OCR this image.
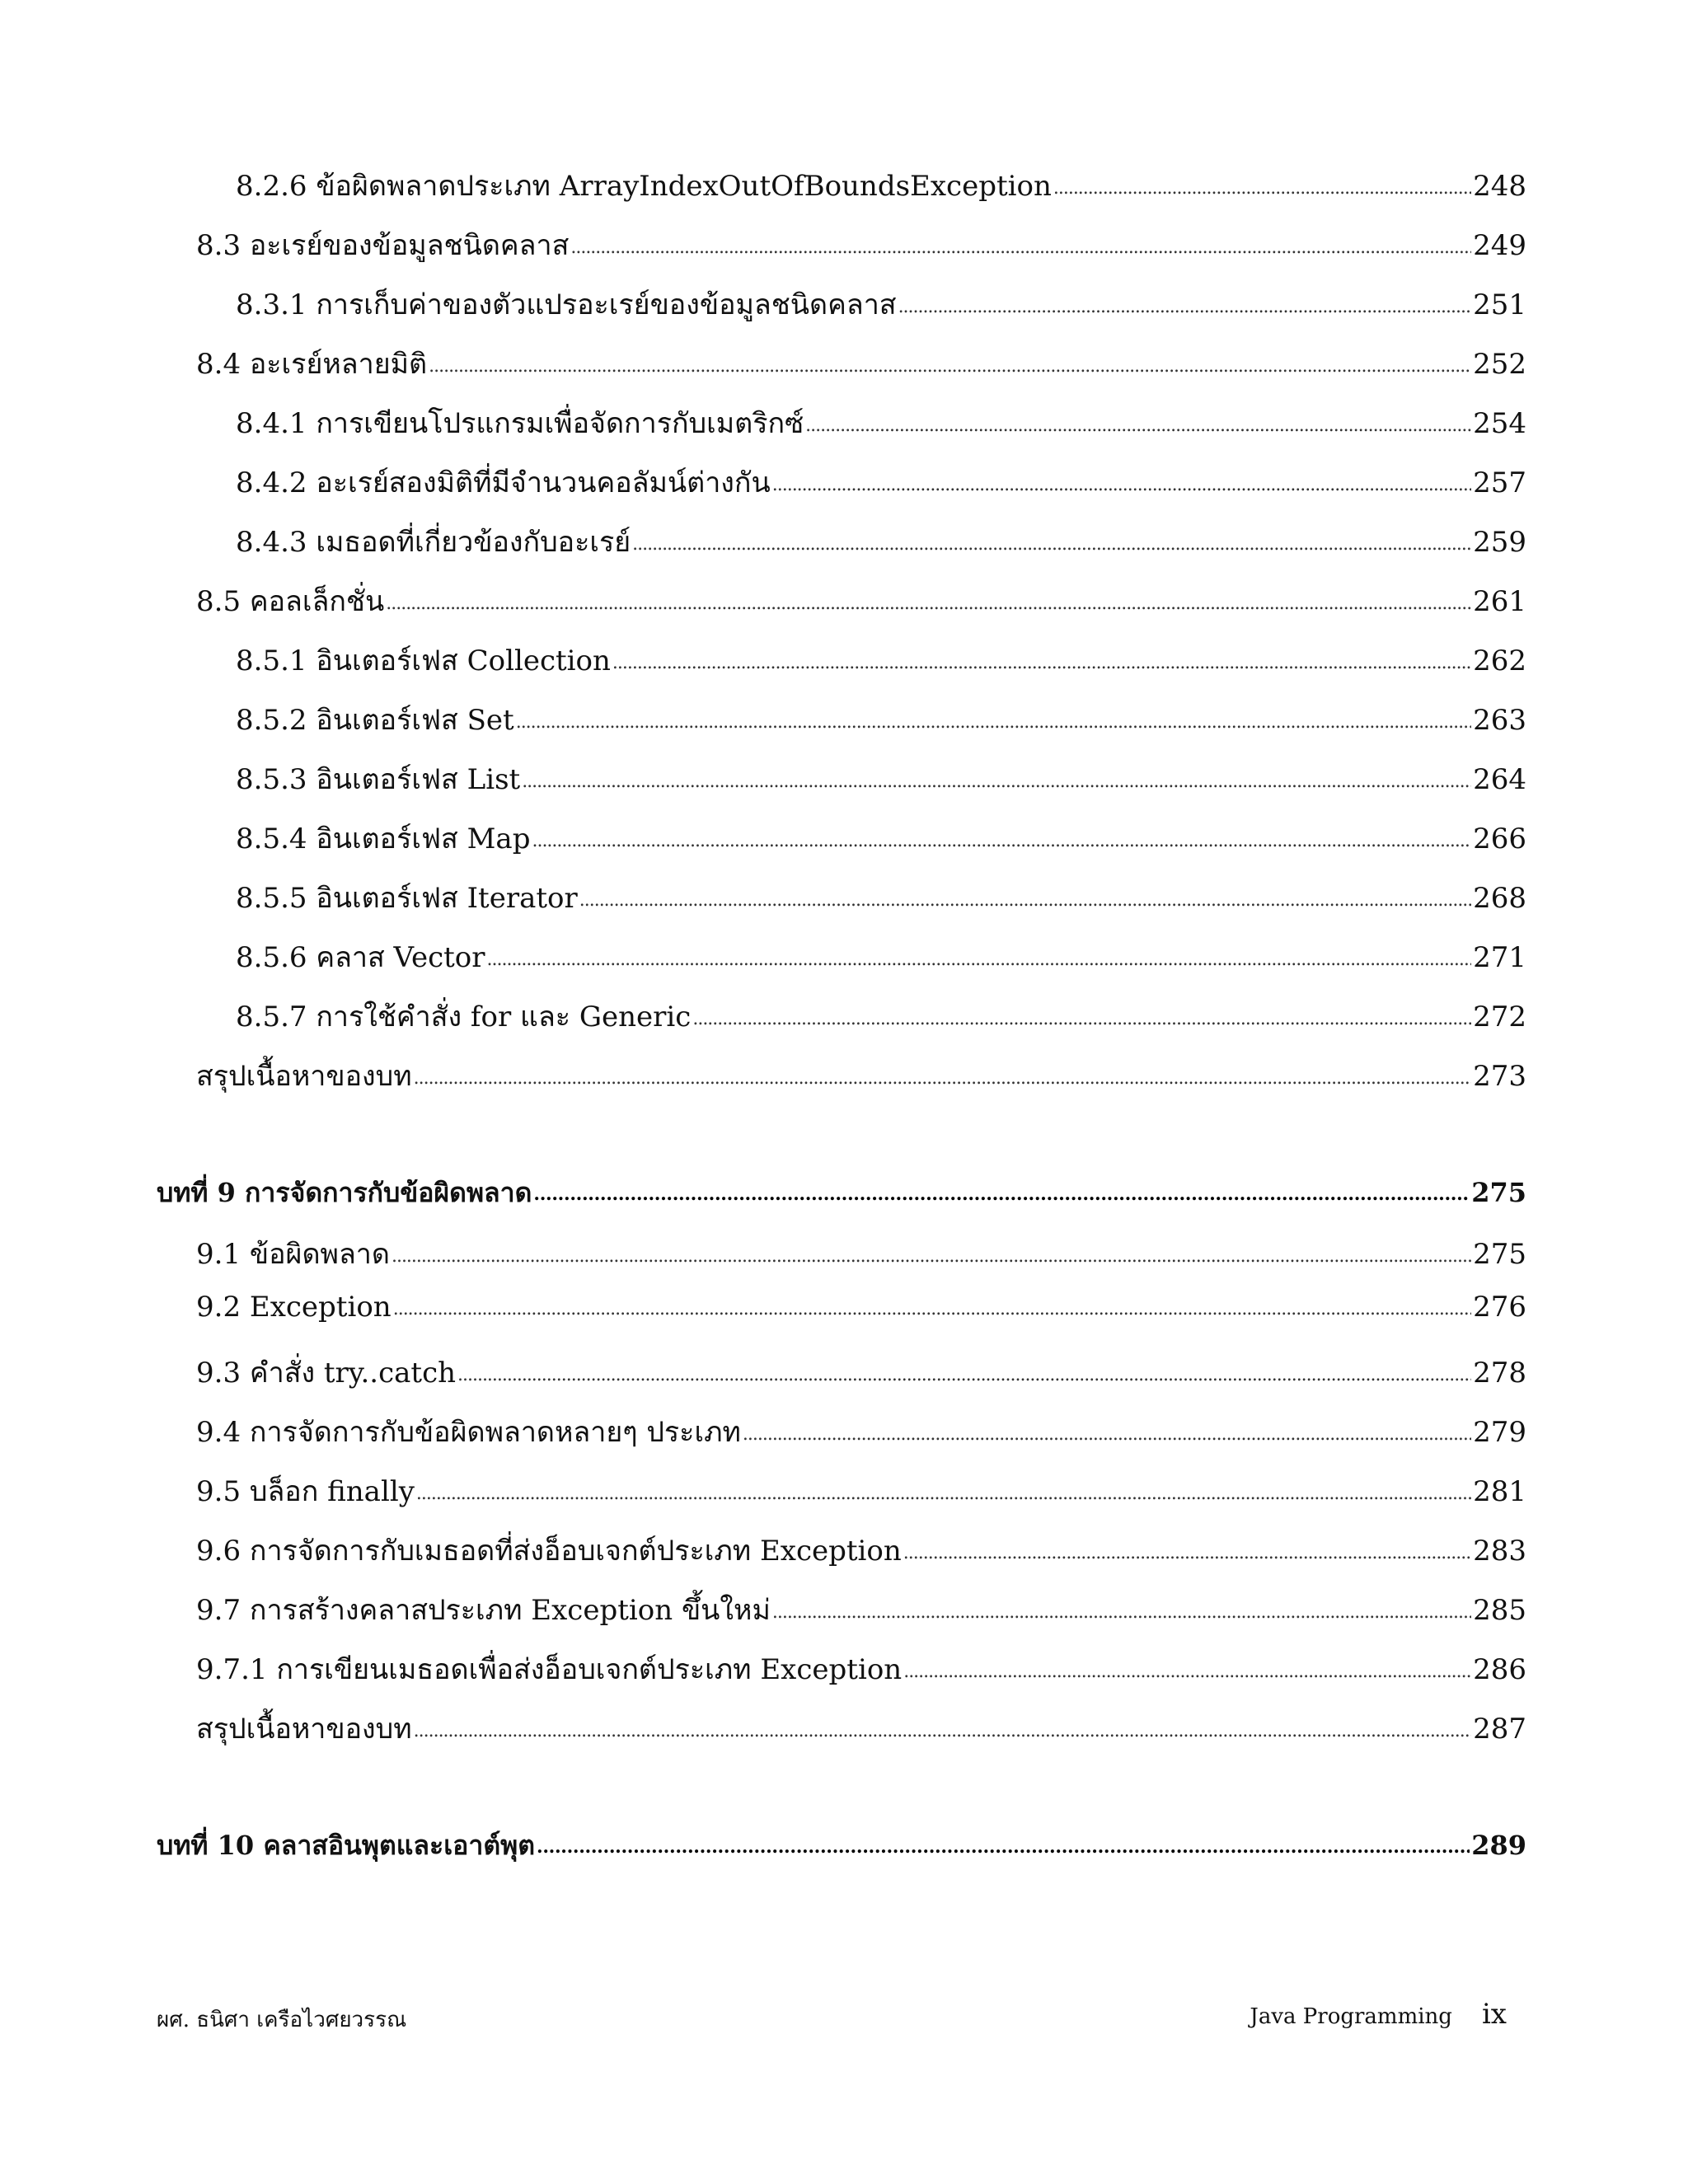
8.2.6 ข้อผิดพลาดประเภท ArrayIndexOutOfBoundsException . . .	248
8.3 อะเรย์ของข้อมูลชนิดคลาส . . .	249
8.3.1 การเก็บค่าของตัวแปรอะเรย์ของข้อมูลชนิดคลาส . . .	251
8.4 อะเรย์หลายมิติ . . .	252
8.4.1 การเขียนโปรแกรมเพื่อจัดการกับเมตริกซ์ . . .	254
8.4.2 อะเรย์สองมิติที่มีจำนวนคอลัมน์ต่างกัน . . .	257
8.4.3 เมธอดที่เกี่ยวข้องกับอะเรย์ . . .	259
8.5 คอลเล็กชั่น . . .	261
8.5.1 อินเตอร์เฟส Collection . . .	262
8.5.2 อินเตอร์เฟส Set . . .	263
8.5.3 อินเตอร์เฟส List . . .	264
8.5.4 อินเตอร์เฟส Map . . .	266
8.5.5 อินเตอร์เฟส Iterator . . .	268
8.5.6 คลาส Vector . . .	271
8.5.7 การใช้คำสั่ง for และ Generic . . .	272
สรุปเนื้อหาของบท . . .	273
บทที่ 9 การจัดการกับข้อผิดพลาด . . .	275
9.1 ข้อผิดพลาด . . .	275
9.2 Exception . . .	276
9.3 คำสั่ง try..catch . . .	278
9.4 การจัดการกับข้อผิดพลาดหลายๆ ประเภท . . .	279
9.5 บล็อก finally . . .	281
9.6 การจัดการกับเมธอดที่ส่งอ็อบเจกต์ประเภท Exception . . .	283
9.7 การสร้างคลาสประเภท Exception ขึ้นใหม่ . . .	285
9.7.1 การเขียนเมธอดเพื่อส่งอ็อบเจกต์ประเภท Exception . . .	286
สรุปเนื้อหาของบท . . .	287
บทที่ 10 คลาสอินพุตและเอาต์พุต . . .	289
ผศ. ธนิศา เครือไวศยวรรณ	Java Programming ix
